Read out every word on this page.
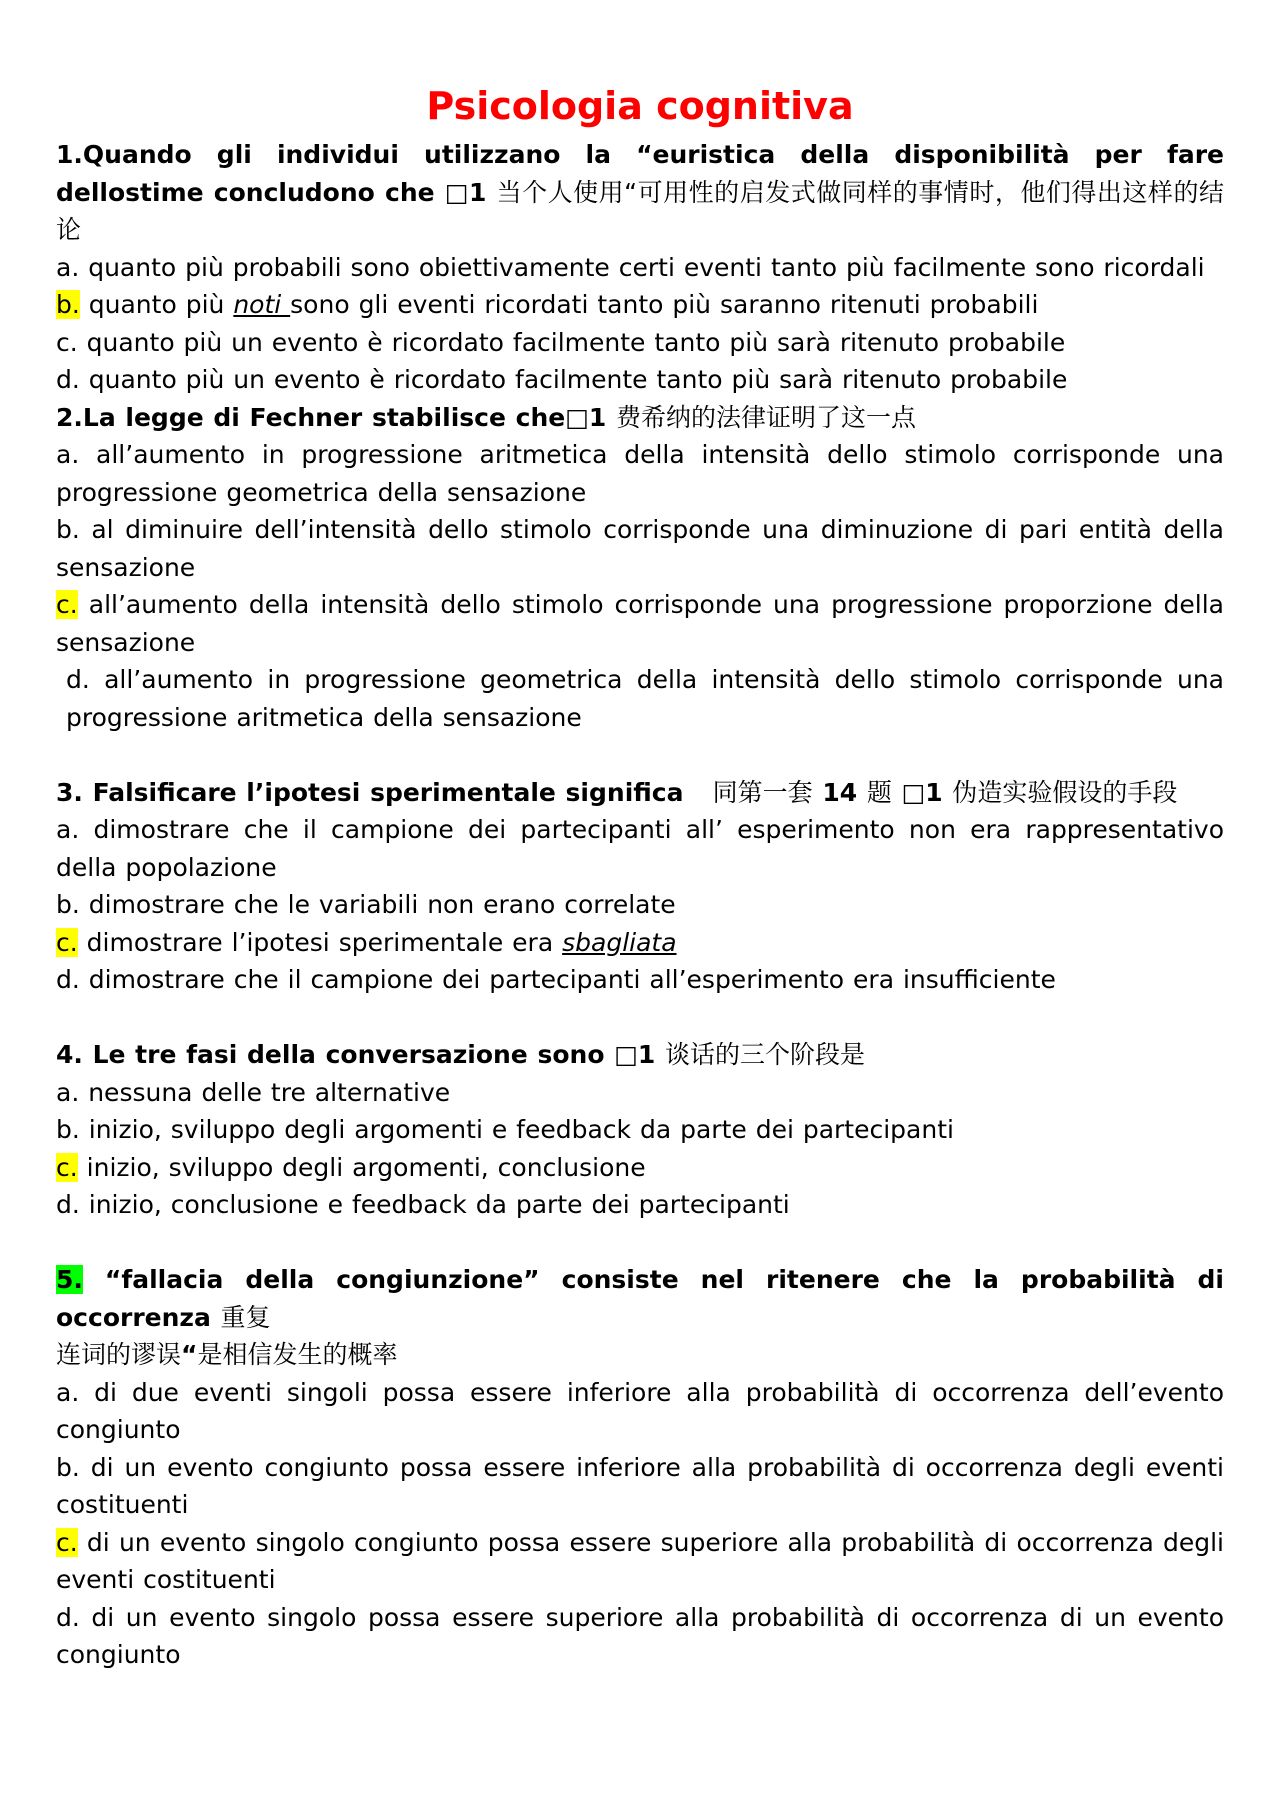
Psicologia cognitiva

1.Quando gli individui utilizzano la “euristica della disponibilità per fare dellostime concludono che □1 当个人使用“可用性的启发式做同样的事情时，他们得出这样的结论

a. quanto più probabili sono obiettivamente certi eventi tanto più facilmente sono ricordali

b. quanto più noti sono gli eventi ricordati tanto più saranno ritenuti probabili

c. quanto più un evento è ricordato facilmente tanto più sarà ritenuto probabile

d. quanto più un evento è ricordato facilmente tanto più sarà ritenuto probabile

2.La legge di Fechner stabilisce che□1 费希纳的法律证明了这一点

a. all’aumento in progressione aritmetica della intensità dello stimolo corrisponde una progressione geometrica della sensazione

b. al diminuire dell’intensità dello stimolo corrisponde una diminuzione di pari entità della sensazione

c. all’aumento della intensità dello stimolo corrisponde una progressione proporzione della sensazione

d. all’aumento in progressione geometrica della intensità dello stimolo corrisponde una progressione aritmetica della sensazione

3. Falsificare l’ipotesi sperimentale significa 同第一套 14 题 □1 伪造实验假设的手段

a. dimostrare che il campione dei partecipanti all’ esperimento non era rappresentativo della popolazione

b. dimostrare che le variabili non erano correlate

c. dimostrare l’ipotesi sperimentale era sbagliata

d. dimostrare che il campione dei partecipanti all’esperimento era insufficiente

4. Le tre fasi della conversazione sono □1 谈话的三个阶段是

a. nessuna delle tre alternative

b. inizio, sviluppo degli argomenti e feedback da parte dei partecipanti

c. inizio, sviluppo degli argomenti, conclusione

d. inizio, conclusione e feedback da parte dei partecipanti

5. “fallacia della congiunzione” consiste nel ritenere che la probabilità di occorrenza 重复

连词的谬误“是相信发生的概率

a. di due eventi singoli possa essere inferiore alla probabilità di occorrenza dell’evento congiunto

b. di un evento congiunto possa essere inferiore alla probabilità di occorrenza degli eventi costituenti

c. di un evento singolo congiunto possa essere superiore alla probabilità di occorrenza degli eventi costituenti

d. di un evento singolo possa essere superiore alla probabilità di occorrenza di un evento congiunto
